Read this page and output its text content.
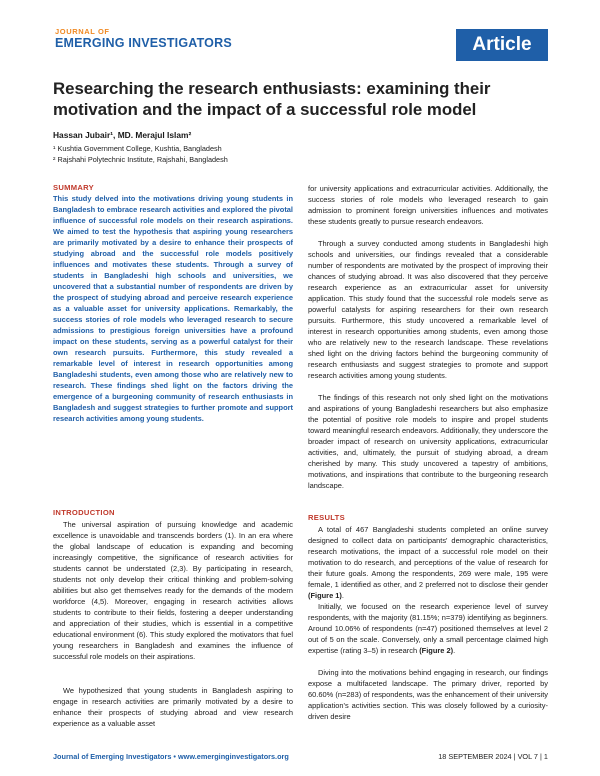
JOURNAL OF
EMERGING INVESTIGATORS	Article
Researching the research enthusiasts: examining their motivation and the impact of a successful role model
Hassan Jubair¹, MD. Merajul Islam²
¹ Kushtia Government College, Kushtia, Bangladesh
² Rajshahi Polytechnic Institute, Rajshahi, Bangladesh
SUMMARY

This study delved into the motivations driving young students in Bangladesh to embrace research activities and explored the pivotal influence of successful role models on their research aspirations. We aimed to test the hypothesis that aspiring young researchers are primarily motivated by a desire to enhance their prospects of studying abroad and the successful role models positively influences and motivates these students. Through a survey of students in Bangladeshi high schools and universities, we uncovered that a substantial number of respondents are driven by the prospect of studying abroad and perceive research experience as a valuable asset for university applications. Remarkably, the success stories of role models who leveraged research to secure admissions to prestigious foreign universities have a profound impact on these students, serving as a powerful catalyst for their own research pursuits. Furthermore, this study revealed a remarkable level of interest in research opportunities among Bangladeshi students, even among those who are relatively new to research. These findings shed light on the factors driving the emergence of a burgeoning community of research enthusiasts in Bangladesh and suggest strategies to further promote and support research activities among young students.

INTRODUCTION

The universal aspiration of pursuing knowledge and academic excellence is unavoidable and transcends borders (1). In an era where the global landscape of education is expanding and becoming increasingly competitive, the significance of research activities for students cannot be understated (2,3). By participating in research, students not only develop their critical thinking and problem-solving abilities but also get themselves ready for the demands of the modern workforce (4,5). Moreover, engaging in research activities allows students to contribute to their fields, fostering a deeper understanding and appreciation of their studies, which is essential in a competitive educational environment (6). This study explored the motivators that fuel young researchers in Bangladesh and examines the influence of successful role models on their aspirations.

We hypothesized that young students in Bangladesh aspiring to engage in research activities are primarily motivated by a desire to enhance their prospects of studying abroad and view research experience as a valuable asset

for university applications and extracurricular activities. Additionally, the success stories of role models who leveraged research to gain admission to prominent foreign universities influences and motivates these students greatly to pursue research endeavors.

Through a survey conducted among students in Bangladeshi high schools and universities, our findings revealed that a considerable number of respondents are motivated by the prospect of improving their chances of studying abroad. It was also discovered that they perceive research experience as an extracurricular asset for university application. This study found that the successful role models serve as powerful catalysts for aspiring researchers for their own research pursuits. Furthermore, this study uncovered a remarkable level of interest in research opportunities among students, even among those who are relatively new to the research landscape. These revelations shed light on the driving factors behind the burgeoning community of research enthusiasts and suggest strategies to promote and support research activities among young students.

The findings of this research not only shed light on the motivations and aspirations of young Bangladeshi researchers but also emphasize the potential of positive role models to inspire and propel students toward meaningful research endeavors. Additionally, they underscore the broader impact of research on university applications, extracurricular activities, and, ultimately, the pursuit of studying abroad, a dream cherished by many. This study uncovered a tapestry of ambitions, motivations, and inspirations that contribute to the burgeoning research landscape.

RESULTS

A total of 467 Bangladeshi students completed an online survey designed to collect data on participants' demographic characteristics, research motivations, the impact of a successful role model on their motivation to do research, and perceptions of the value of research for their future goals. Among the respondents, 269 were male, 195 were female, 1 identified as other, and 2 preferred not to disclose their gender (Figure 1).

Initially, we focused on the research experience level of survey respondents, with the majority (81.15%; n=379) identifying as beginners. Around 10.06% of respondents (n=47) positioned themselves at level 2 out of 5 on the scale. Conversely, only a small percentage claimed high expertise (rating 3–5) in research (Figure 2).

Diving into the motivations behind engaging in research, our findings expose a multifaceted landscape. The primary driver, reported by 60.60% (n=283) of respondents, was the enhancement of their university application's activities section. This was closely followed by a curiosity-driven desire

Journal of Emerging Investigators • www.emerginginvestigators.org	18 SEPTEMBER 2024 | VOL 7 | 1
